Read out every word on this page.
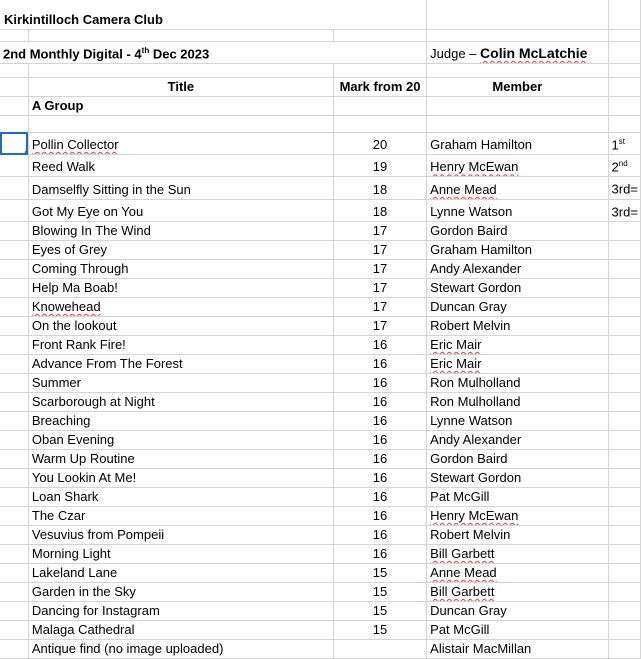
Kirkintilloch Camera Club				

2nd Monthly Digital - 4th Dec 2023			Judge – Colin McLatchie	

	Title	Mark from 20	Member	
	A Group			

	Pollin Collector	20	Graham Hamilton	1st
	Reed Walk	19	Henry McEwan	2nd
	Damselfly Sitting in the Sun	18	Anne Mead	3rd=
	Got My Eye on You	18	Lynne Watson	3rd=
	Blowing In The Wind	17	Gordon Baird	
	Eyes of Grey	17	Graham Hamilton	
	Coming Through	17	Andy Alexander	
	Help Ma Boab!	17	Stewart Gordon	
	Knowehead	17	Duncan Gray	
	On the lookout	17	Robert Melvin	
	Front Rank Fire!	16	Eric Mair	
	Advance From The Forest	16	Eric Mair	
	Summer	16	Ron Mulholland	
	Scarborough at Night	16	Ron Mulholland	
	Breaching	16	Lynne Watson	
	Oban Evening	16	Andy Alexander	
	Warm Up Routine	16	Gordon Baird	
	You Lookin At Me!	16	Stewart Gordon	
	Loan Shark	16	Pat McGill	
	The Czar	16	Henry McEwan	
	Vesuvius from Pompeii	16	Robert Melvin	
	Morning Light	16	Bill Garbett	
	Lakeland Lane	15	Anne Mead	
	Garden in the Sky	15	Bill Garbett	
	Dancing for Instagram	15	Duncan Gray	
	Malaga Cathedral	15	Pat McGill	
	Antique find (no image uploaded)		Alistair MacMillan	
